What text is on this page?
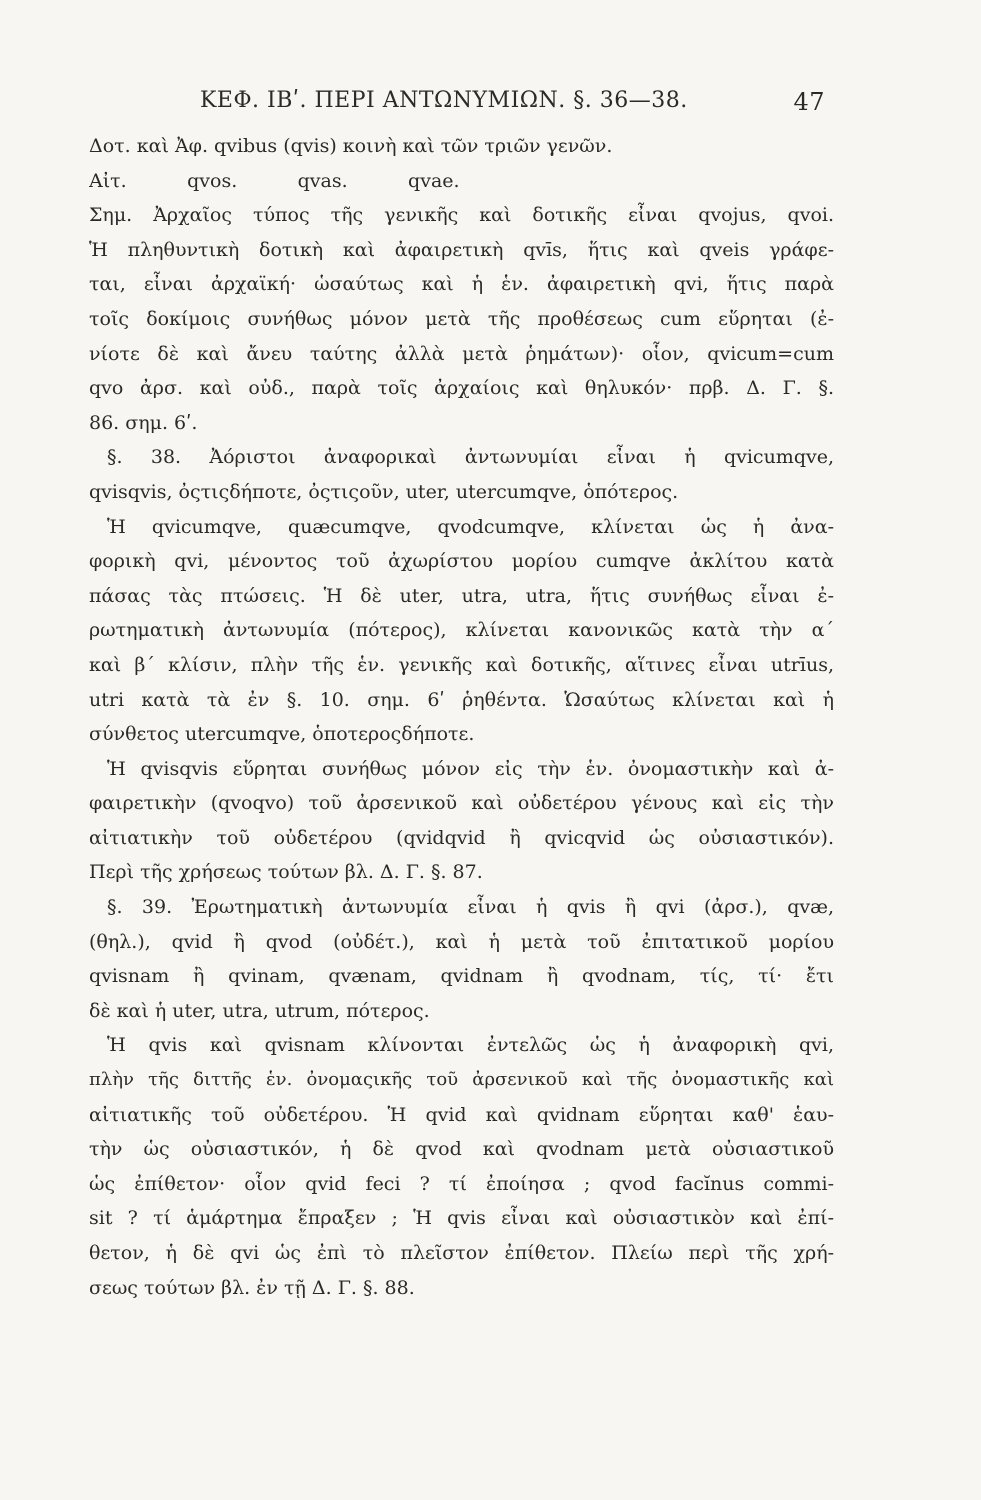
ΚΕΦ. ΙΒʹ. ΠΕΡΙ ΑΝΤΩΝΥΜΙΩΝ. §. 36—38.	47
Δοτ. καὶ Ἀφ. qvibus (qvis) κοινὴ καὶ τῶν τριῶν γενῶν.
Αἰτ.          qvos.          qvas.          qvae.
Σημ. Ἀρχαῖος τύπος τῆς γενικῆς καὶ δοτικῆς εἶναι qvojus, qvoi.
Ἡ πληθυντικὴ δοτικὴ καὶ ἀφαιρετικὴ qvīs, ἥτις καὶ qveis γράφε-
ται, εἶναι ἀρχαϊκή· ὡσαύτως καὶ ἡ ἑν. ἀφαιρετικὴ qvi, ἥτις παρὰ
τοῖς δοκίμοις συνήθως μόνον μετὰ τῆς προθέσεως cum εὕρηται (ἐ-
νίοτε δὲ καὶ ἄνευ ταύτης ἀλλὰ μετὰ ῥημάτων)· οἷον, qvicum=cum
qvo ἀρσ. καὶ οὐδ., παρὰ τοῖς ἀρχαίοις καὶ θηλυκόν· πρβ. Δ. Γ. §.
86. σημ. 6ʹ.
§. 38. Ἀόριστοι ἀναφορικαὶ ἀντωνυμίαι εἶναι ἡ qvicumqve,
qvisqvis, ὀςτιςδήποτε, ὀςτιςοῦν, uter, utercumqve, ὁπότερος.
Ἡ qvicumqve, quæcumqve, qvodcumqve, κλίνεται ὡς ἡ ἀνα-
φορικὴ qvi, μένοντος τοῦ ἀχωρίστου μορίου cumqve ἀκλίτου κατὰ
πάσας τὰς πτώσεις. Ἡ δὲ uter, utra, utra, ἥτις συνήθως εἶναι ἐ-
ρωτηματικὴ ἀντωνυμία (πότερος), κλίνεται κανονικῶς κατὰ τὴν α΄
καὶ β΄ κλίσιν, πλὴν τῆς ἑν. γενικῆς καὶ δοτικῆς, αἵτινες εἶναι utrīus,
utri κατὰ τὰ ἐν §. 10. σημ. 6ʹ ῥηθέντα. Ὡσαύτως κλίνεται καὶ ἡ
σύνθετος utercumqve, ὁποτεροςδήποτε.
Ἡ qvisqvis εὕρηται συνήθως μόνον εἰς τὴν ἑν. ὀνομαστικὴν καὶ ἀ-
φαιρετικὴν (qvoqvo) τοῦ ἀρσενικοῦ καὶ οὐδετέρου γένους καὶ εἰς τὴν
αἰτιατικὴν τοῦ οὐδετέρου (qvidqvid ἢ qvicqvid ὡς οὐσιαστικόν).
Περὶ τῆς χρήσεως τούτων βλ. Δ. Γ. §. 87.
§. 39. Ἐρωτηματικὴ ἀντωνυμία εἶναι ἡ qvis ἢ qvi (ἀρσ.), qvæ,
(θηλ.), qvid ἢ qvod (οὐδέτ.), καὶ ἡ μετὰ τοῦ ἐπιτατικοῦ μορίου
qvisnam ἢ qvinam, qvænam, qvidnam ἢ qvodnam, τίς, τί· ἔτι
δὲ καὶ ἡ uter, utra, utrum, πότερος.
Ἡ qvis καὶ qvisnam κλίνονται ἐντελῶς ὡς ἡ ἀναφορικὴ qvi,
πλὴν τῆς διττῆς ἑν. ὀνομαςικῆς τοῦ ἀρσενικοῦ καὶ τῆς ὀνομαστικῆς καὶ
αἰτιατικῆς τοῦ οὐδετέρου. Ἡ qvid καὶ qvidnam εὕρηται καθ' ἑαυ-
τὴν ὡς οὐσιαστικόν, ἡ δὲ qvod καὶ qvodnam μετὰ οὐσιαστικοῦ
ὡς ἐπίθετον· οἷον qvid feci ? τί ἐποίησα ; qvod facĭnus commi-
sit ? τί ἁμάρτημα ἔπραξεν ; Ἡ qvis εἶναι καὶ οὐσιαστικὸν καὶ ἐπί-
θετον, ἡ δὲ qvi ὡς ἐπὶ τὸ πλεῖστον ἐπίθετον. Πλείω περὶ τῆς χρή-
σεως τούτων βλ. ἐν τῇ Δ. Γ. §. 88.
